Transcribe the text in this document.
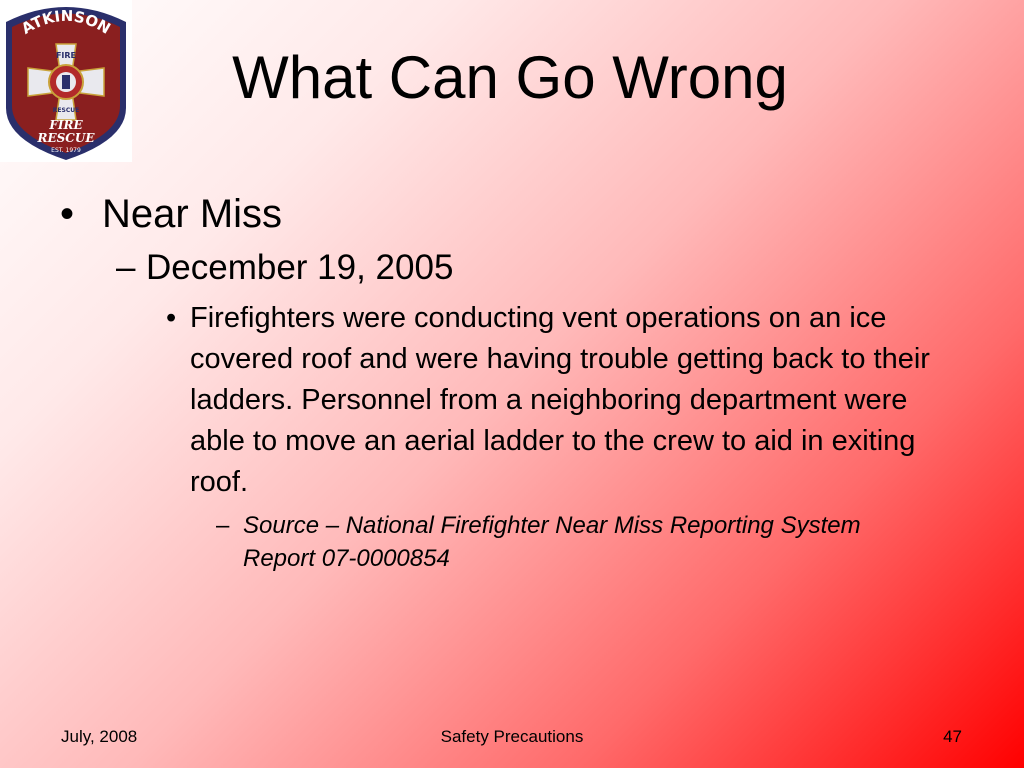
ATKINSON
FIRE
RESCUE
FIRE
RESCUE
EST. 1979
What Can Go Wrong
• Near Miss
– December 19, 2005
• Firefighters were conducting vent operations on an ice covered roof and were having trouble getting back to their ladders. Personnel from a neighboring department were able to move an aerial ladder to the crew to aid in exiting roof.
– Source – National Firefighter Near Miss Reporting System Report 07-0000854
July, 2008	Safety Precautions	47
